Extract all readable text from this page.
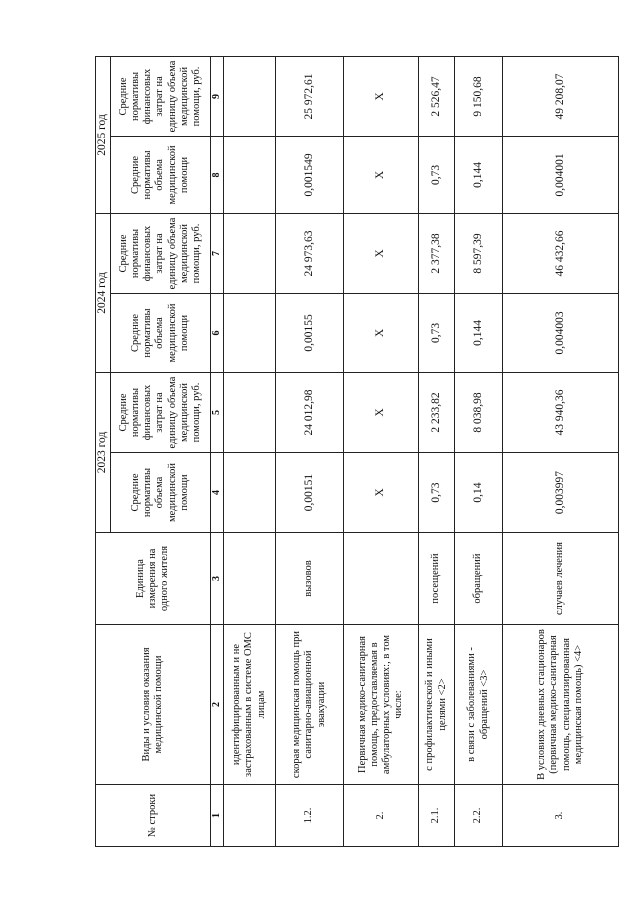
№ строки	Виды и условия оказания медицинской помощи	Единица измерения на одного жителя	2023 год		2024 год		2025 год	
			Средние нормативы объема медицинской помощи	Средние нормативы финансовых затрат на единицу объема медицинской помощи, руб.	Средние нормативы объема медицинской помощи	Средние нормативы финансовых затрат на единицу объема медицинской помощи, руб.	Средние нормативы объема медицинской помощи	Средние нормативы финансовых затрат на единицу объема медицинской помощи, руб.
1	2	3	4	5	6	7	8	9
	идентифицированным и не застрахованным в системе ОМС лицам							
1.2.	скорая медицинская помощь при санитарно-авиационной эвакуации	вызовов	0,00151	24 012,98	0,00155	24 973,63	0,001549	25 972,61
2.	Первичная медико-санитарная помощь, предоставляемая в амбулаторных условиях:, в том числе:		Х	Х	Х	Х	Х	Х
2.1.	с профилактической и иными целями <2>	посещений	0,73	2 233,82	0,73	2 377,38	0,73	2 526,47
2.2.	в связи с заболеваниями - обращений <3>	обращений	0,14	8 038,98	0,144	8 597,39	0,144	9 150,68
3.	В условиях дневных стационаров (первичная медико-санитарная помощь, специализированная медицинская помощь) <4>	случаев лечения	0,003997	43 940,36	0,004003	46 432,66	0,004001	49 208,07
